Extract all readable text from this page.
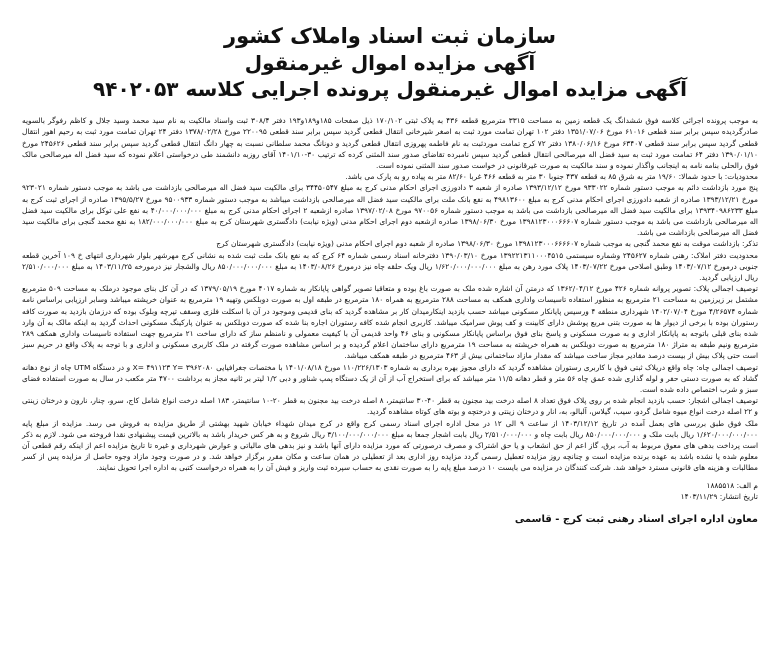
سازمان ثبت اسناد واملاک کشور

آگهی مزایده اموال غیرمنقول

آگهی مزایده اموال غیرمنقول پرونده اجرایی کلاسه ۹۴۰۲۰۵۳

به موجب پرونده اجرائی کلاسه فوق ششدانگ یک قطعه زمین به مساحت ۳۳۱۵ مترمربع قطعه ۴۳۶ به پلاک ثبتی ۱۷۰/۱۰۲ ذیل صفحات ۱۸۵و۱۸۹و۱۹۳ دفتر ۳۰۸/۴ ثبت واسناد مالکیت به نام سید محمد وسید جلال و کاظم رفوگر بالسویه صادرگردیده سپس برابر سند قطعی ۶۱۰۱۶ مورخ ۱۳۵۱/۰۷/۰۶ دفتر ۱۰۲ تهران تمامت مورد ثبت به اصغر شیرخانی انتقال قطعی گردید سپس برابر سند قطعی ۲۲۰۰۹۵ مورخ ۱۳۷۸/۰۲/۲۸ دفتر ۲۴ تهران تمامت مورد ثبت به رحیم اهور انتقال قطعی گردید سپس برابر سند قطعی ۶۳۴۰۷ مورخ ۱۳۸۰/۰۶/۱۶ دفتر ۷۲ کرج تمامت موردثبت به نام فاطمه پهروزی انتقال قطعی گردید و دونانگ محمد سلطانی نسبت به چهار دانگ انتقال قطعی گردید سپس برابر سند قطعی ۲۴۵۶۲۶ مورخ ۱۳۹۰/۰۱/۱۰ دفتر ۶۴ تمامت مورد ثبت به سید فضل اله میرصالحی انتقال قطعی گردید سپس نامبرده تقاضای صدور سند المثنی کرده که ترتیب ۳۰-۱۴۰۱/۱۰ آقای روزبه دانشمند طی درخواستی اعلام نموده که سید فضل اله میرصالحی مالک فوق رالحلی بنامه نامه به اینجانب واگذار نموده و سند مالکیت به صورت غیرقانونی در خواست صدور سند المثنی نموده است.

محدودیات: با حدود شمالا: ۱۹/۶۰ متر به شرق ۸۵ به قطعه ۴۳۷ جنوبا ۳۰ متر به قطعه ۴۶۶ غربا ۸۲/۶۰ متر به پیاده رو به پارک می باشد.

پنج مورد بازداشت دائم به موجب دستور شماره ۹۳۳۰۲۲ مورخ ۱۳۹۳/۱۲/۱۲ صادره از شعبه ۳ دادورزی اجرای احکام مدنی کرج به مبلغ ۳۴۴۵۰۵۴۷ برای مالکیت سید فضل اله میرصالحی بازداشت می باشد به موجب دستور شماره ۹۲۳۰۲۱ مورخ ۱۳۹۳/۱۲/۲۱ صادره از شعبه دادورزی اجرای احکام مدنی کرج به مبلغ ۴۹۸۱۳۶۰۰ به نفع بانک ملت برای مالکیت سید فضل اله میرصالحی بازداشت میباشد به موجب دستور شماره ۹۵۰۰۹۳۳ مورخ ۱۳۹۵/۵/۲۷ صادره از اجرای ثبت کرج به مبلغ ۱۳۹۳۴۰۹۸۶۲۳۳ برای مالکیت سید فضل اله میرصالحی بازداشت می باشد به موجب دستور شماره ۹۷۰۰۵۶ مورخ ۱۳۹۷/۰۲/۰۸ صادره ازشعبه ۲ اجرای احکام مدنی کرج به مبلغ ۴۰/۰۰۰/۰۰۰/۰۰۰ به نفع علی توکل برای مالکیت سید فضل اله میرصالحی بازداشت می باشد به موجب دستور شماره ۱۳۹۸۱۲۳۰۰۰۶۶۶۰۷ مورخ ۱۳۹۸/۰۶/۳۰ صادره ازشعبه دوم اجرای احکام مدنی (ویژه نیابت) دادگستری شهرستان کرج به مبلغ ۱۸۲/۰۰۰/۰۰۰/۰۰۰ به نفع محمد گنجی برای مالکیت سید فضل اله میرصالحی بازداشت می باشد.

تذکر: بازداشت موقت به نفع محمد گنجی به موجب شماره ۱۳۹۸۱۲۳۰۰۰۶۶۶۶۰۷ مورخ ۱۳۹۸/۰۶/۳۰ صادره از شعبه دوم اجرای احکام مدنی (ویژه نیابت) دادگستری شهرستان کرج

محدودیت دفتر املاک: رهنی شماره ۲۴۵۶۲۷ وشماره سیستمی ۱۳۹۲۲۱۳۱۱۰۰۰۴۵۱۵ مورخ ۱۳۹۰/۰۳/۱۰ دفترخانه اسناد رسمی شماره ۶۴ کرج که به نفع بانک ملت ثبت شده به نشانی کرج مهرشهر بلوار شهرداری انتهای خ ۱۰۹ آخرین قطعه جنوبی درمورخ ۱۴۰۳/۰۷/۱۲ وطبق اصلاحی مورخ ۱۴۰۳/۰۷/۲۲ پلاک مورد رهن به مبلغ ۱/۶۲۰/۰۰۰/۰۰۰/۰۰۰ ریال ویک حلقه چاه نیز درمورخ ۱۴۰۳/۰۸/۲۶ به مبلغ ۸۵۰/۰۰۰/۰۰۰/۰۰۰ ریال والشجار نیز درمورخه ۱۴۰۳/۱۱/۲۵ به مبلغ ۲/۵۱۰/۰۰۰/۰۰۰ ریال ارزیابی گردید.

توصیف اجمالی پلاک: تصویر پروانه شماره ۴۲۶ مورخ ۱۳۶۲/۰۴/۱۲ که درمتن آن اشاره شده ملک به صورت باغ بوده و متعاقبا تصویر گواهی پایانکار به شماره ۴۰۱۷ مورخ ۱۳۷۹/۰۵/۱۹ که در آن کل بنای موجود درملک به مساحت ۵۰۹ مترمربع مشتمل بر زیرزمین به مساحت ۲۱ مترمربع به منظور استفاده تاسیسات واداری همکف به مساحت ۲۸۸ مترمربع به همراه ۱۸۰ مترمربع در طبقه اول به صورت دوبلکس وتهیه ۱۹ مترمربع به عنوان خرپشته میباشد وسابر ارزیابی براساس نامه شماره ۴/۲۶۵۷۴ مورخ ۱۴۰۲/۰۷/۰۴ شهرداری منطقه ۴ ورسیس پایانکار مسکونی میباشد حسب بازدید اینکارمیدان کار بر مشاهده گردید که بنای قدیمی وموجود در آن با اسکلت فلزی وسقف تیرچه وبلوک بوده که درزمان بازدید به صورت کافه رستوران بوده با برخی از دیوار ها به صورت بتنی مربع پوشش دارای کابینت و کف پوش سرامیک میباشد. کاربری انجام شده کافه رستوران اجاره بنا شده که صورت دوبلکس به عنوان پارکینگ مسکونی احداث گردید به اینکه مالک به آن وارد شده بنای قبلی باتوجه به پایانکار اداری و به صورت مسکونی و پاسخ بنای فوق براساس پایانکار مسکونی و بنای ۴۶ واحد قدیمی آن با کیفیت معمولی و نامنظم ساز که دارای ساخت ۲۱ مترمربع جهت استفاده تاسیسات واداری همکف ۲۸۹ مترمربع ونیم طبقه به متراژ ۱۸۰ مترمربع به صورت دوبلکس به همراه خرپشته به مساحت ۱۹ مترمربع دارای ساختمان اعلام گردیده و بر اساس مشاهده صورت گرفته در ملک کاربری مسکونی و اداری و با توجه به پلاک واقع در حریم سبز است حتی پلاک بیش از بیست درصد مقادیر مجاز ساخت میباشد که مقدار مازاد ساختمانی بیش از ۴۶۳ مترمربع در طبقه همکف میباشد.

توصیف اجمالی چاه: چاه واقع دریلاک ثبتی فوق با کاربری رستوران مشاهده گردید که دارای مجوز بهره برداری به شماره ۱۱۰/۲۲۶/۱۳۰۳ مورخ ۱۴۰۱/۰۸/۱۸ با مختصات جغرافیایی X= ۴۹۱۱۲۳ Y= ۳۹۶۲۰۸۰ و در دستگاه UTM چاه از نوع دهانه گشاد که به صورت دستی حفر و لوله گذاری شده عمق چاه ۵۶ متر و قطر دهانه ۱۱/۵ متر میباشد که برای استخراج آب از آن از یک دستگاه پمپ شناور و دبی ۱/۲ لیتر بر ثانیه مجاز به برداشت ۴۷۰۰ متر مکعب در سال به صورت استفاده فضای سبز و شرب اختصاص داده شده است.

توصیف اجمالی اشجار: حسب بازدید انجام شده بر روی پلاک فوق تعداد ۸ اصله درخت بید مجنون به قطر ۴۰-۳۰ سانتیمتر، ۸ اصله درخت بید مجنون به قطر ۲۰-۱۰ سانتیمتر، ۱۸۳ اصله درخت انواع شامل کاج، سرو، چنار، نارون و درختان زینتی و ۲۲ اصله درخت انواع میوه شامل گردو، سیب، گیلاس، آلبالو، به، انار و درختان زینتی و درختچه و بوته های کوتاه مشاهده گردید.

ملک فوق طبق بررسی های بعمل آمده در تاریخ ۱۴۰۳/۱۲/۱۲ از ساعت ۹ الی ۱۲ در محل اداره اجرای اسناد رسمی کرج واقع در کرج میدان شهداء خیابان شهید بهشتی از طریق مزایده به فروش می رسد. مزایده از مبلغ پایه ۱/۶۲۰/۰۰۰/۰۰۰/۰۰۰ ریال بابت ملک و ۸۵۰/۰۰۰/۰۰۰/۰۰۰ ریال بابت چاه و ۲/۵۱۰/۰۰۰/۰۰۰ ریال بابت اشجار جمعا به مبلغ ۳/۱۰۰/۰۰۰/۰۰۰/۰۰۰ ریال شروع و به هر کس خریدار باشد به بالاترین قیمت پیشنهادی نقدا فروخته می شود. لازم به ذکر است پرداخت بدهی های معوق مربوط به آب، برق، گاز اعم از حق انشعاب و یا حق اشتراک و مصرف درصورتی که مورد مزایده دارای آنها باشد و نیز بدهی های مالیاتی و عوارض شهرداری و غیره تا تاریخ مزایده اعم از اینکه رقم قطعی آن معلوم شده یا نشده باشد به عهده برنده مزایده است و چنانچه روز مزایده تعطیل رسمی گردد مزایده روز اداری بعد از تعطیلی در همان ساعت و مکان مقرر برگزار خواهد شد. و در صورت وجود مازاد وجوه حاصل از مزایده پس از کسر مطالبات و هزینه های قانونی مسترد خواهد شد. شرکت کنندگان در مزایده می بایست ۱۰ درصد مبلغ پایه را به صورت نقدی به حساب سپرده ثبت واریز و فیش آن را به همراه درخواست کتبی به اداره اجرا تحویل نمایند.

م الف: ۱۸۸۵۵۱۸
تاریخ انتشار: ۱۴۰۳/۱۱/۲۹
معاون اداره اجرای اسناد رهنی ثبت کرج - قاسمی
